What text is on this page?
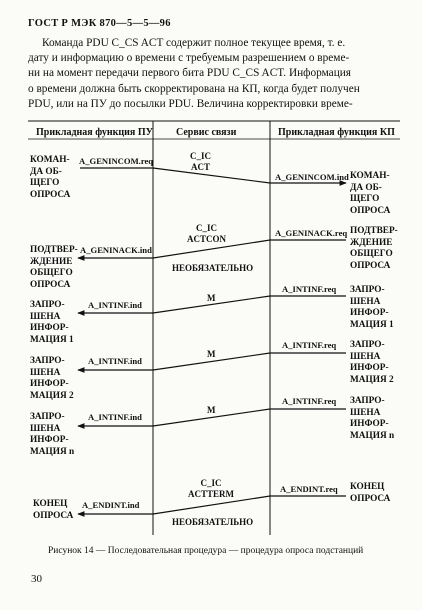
ГОСТ Р МЭК 870—5—5—96
Команда PDU C_CS ACT содержит полное текущее время, т. е.
дату и информацию о времени с требуемым разрешением о време-
ни на момент передачи первого бита PDU C_CS ACT. Информация
о времени должна быть скорректирована на КП, когда будет получен
PDU, или на ПУ до посылки PDU. Величина корректировки време-
Прикладная функция ПУ Сервис связи	Прикладная функция КП
КОМАН-
ДА ОБ-
ЩЕГО
ОПРОСА
A_GENINCOM.req	C_IC
ACT
A_GENINCOM.ind КОМАН-
ДА ОБ-
ЩЕГО
ОПРОСА
ПОДТВЕР-
ЖДЕНИЕ
ОБЩЕГО
ОПРОСА
A_GENINACK.req
C_IC
ACTCON
НЕОБЯЗАТЕЛЬНО
A_GENINACK.ind
ПОДТВЕР-
ЖДЕНИЕ
ОБЩЕГО
ОПРОСА
ЗАПРО-
ШЕНА
ИНФОР-
МАЦИЯ 1
A_INTINF.req
M
A_INTINF.ind
ЗАПРО-
ШЕНА
ИНФОР-
МАЦИЯ 1
ЗАПРО-
ШЕНА
ИНФОР-
МАЦИЯ 2
A_INTINF.req
M
A_INTINF.ind
ЗАПРО-
ШЕНА
ИНФОР-
МАЦИЯ 2
ЗАПРО-
ШЕНА
ИНФОР-
МАЦИЯ n
A_INTINF.req
M
A_INTINF.ind
ЗАПРО-
ШЕНА
ИНФОР-
МАЦИЯ n
КОНЕЦ
ОПРОСА
A_ENDINT.req
C_IC
ACTTERM
НЕОБЯЗАТЕЛЬНО
A_ENDINT.ind
КОНЕЦ
ОПРОСА
Рисунок 14 — Последовательная процедура — процедура опроса подстанций
30
